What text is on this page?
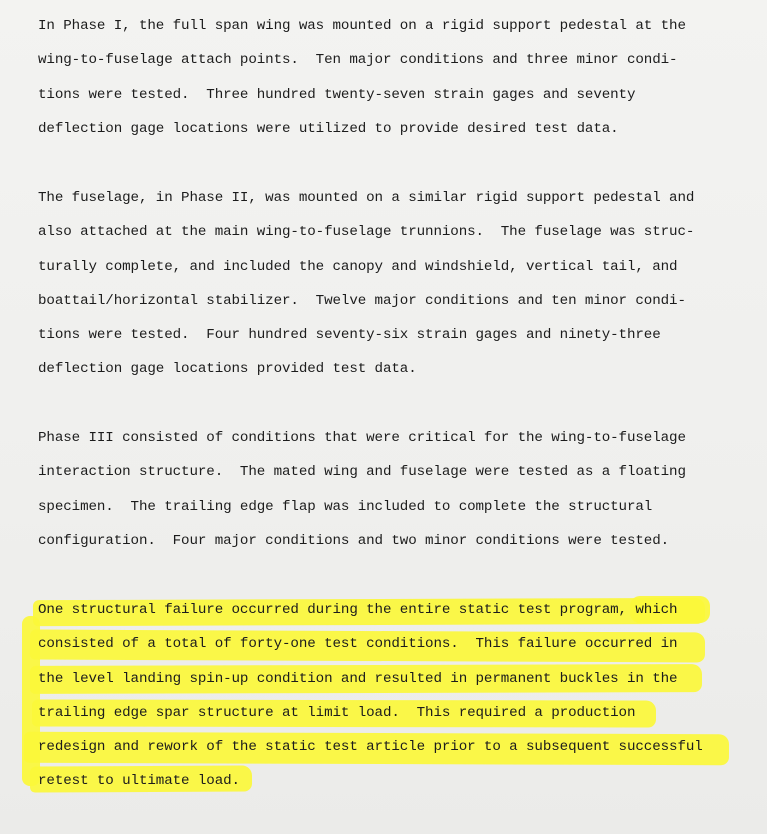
In Phase I, the full span wing was mounted on a rigid support pedestal at the
wing-to-fuselage attach points.  Ten major conditions and three minor condi-
tions were tested.  Three hundred twenty-seven strain gages and seventy
deflection gage locations were utilized to provide desired test data.
The fuselage, in Phase II, was mounted on a similar rigid support pedestal and
also attached at the main wing-to-fuselage trunnions.  The fuselage was struc-
turally complete, and included the canopy and windshield, vertical tail, and
boattail/horizontal stabilizer.  Twelve major conditions and ten minor condi-
tions were tested.  Four hundred seventy-six strain gages and ninety-three
deflection gage locations provided test data.
Phase III consisted of conditions that were critical for the wing-to-fuselage
interaction structure.  The mated wing and fuselage were tested as a floating
specimen.  The trailing edge flap was included to complete the structural
configuration.  Four major conditions and two minor conditions were tested.
One structural failure occurred during the entire static test program, which
consisted of a total of forty-one test conditions.  This failure occurred in
the level landing spin-up condition and resulted in permanent buckles in the
trailing edge spar structure at limit load.  This required a production
redesign and rework of the static test article prior to a subsequent successful
retest to ultimate load.
